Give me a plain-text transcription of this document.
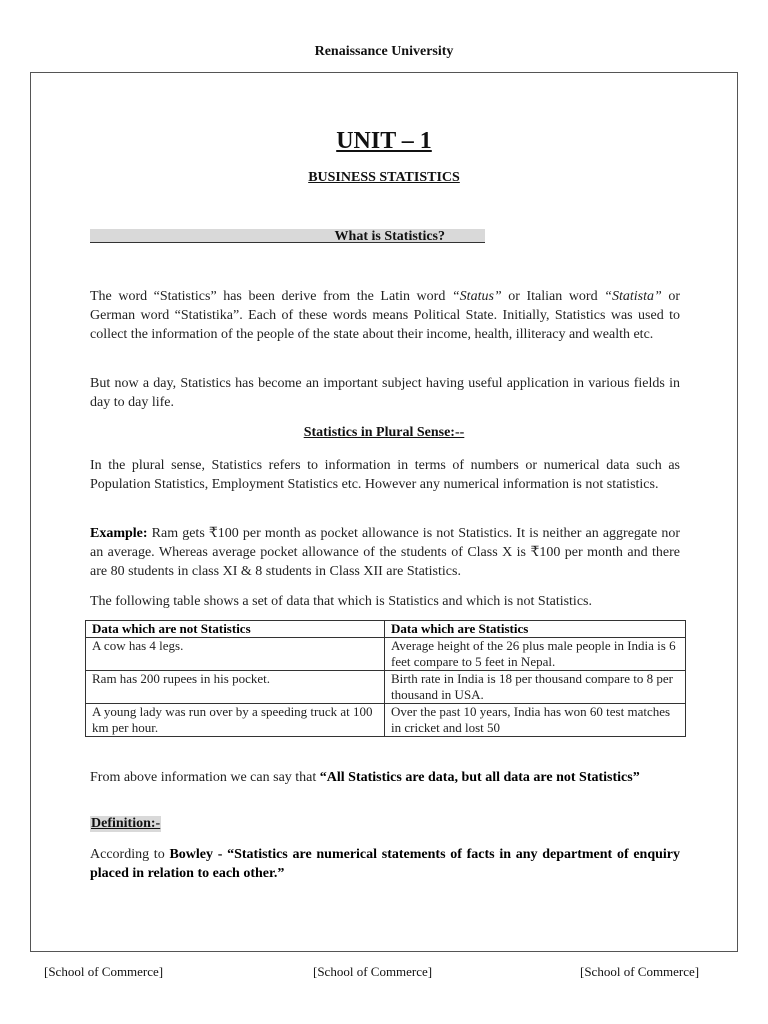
Renaissance University
UNIT – 1
BUSINESS STATISTICS
What is Statistics?
The word “Statistics” has been derive from the Latin word “Status” or Italian word “Statista” or German word “Statistika”. Each of these words means Political State. Initially, Statistics was used to collect the information of the people of the state about their income, health, illiteracy and wealth etc.
But now a day, Statistics has become an important subject having useful application in various fields in day to day life.
Statistics in Plural Sense:--
In the plural sense, Statistics refers to information in terms of numbers or numerical data such as Population Statistics, Employment Statistics etc. However any numerical information is not statistics.
Example: Ram gets ₹100 per month as pocket allowance is not Statistics. It is neither an aggregate nor an average. Whereas average pocket allowance of the students of Class X is ₹100 per month and there are 80 students in class XI & 8 students in Class XII are Statistics.
The following table shows a set of data that which is Statistics and which is not Statistics.
Data which are not Statistics	Data which are Statistics
A cow has 4 legs.	Average height of the 26 plus male people in India is 6 feet compare to 5 feet in Nepal.
Ram has 200 rupees in his pocket.	Birth rate in India is 18 per thousand compare to 8 per thousand in USA.
A young lady was run over by a speeding truck at 100 km per hour.	Over the past 10 years, India has won 60 test matches in cricket and lost 50
From above information we can say that “All Statistics are data, but all data are not Statistics”
Definition:-
According to Bowley - “Statistics are numerical statements of facts in any department of enquiry placed in relation to each other.”
[School of Commerce]	[School of Commerce]	[School of Commerce]
